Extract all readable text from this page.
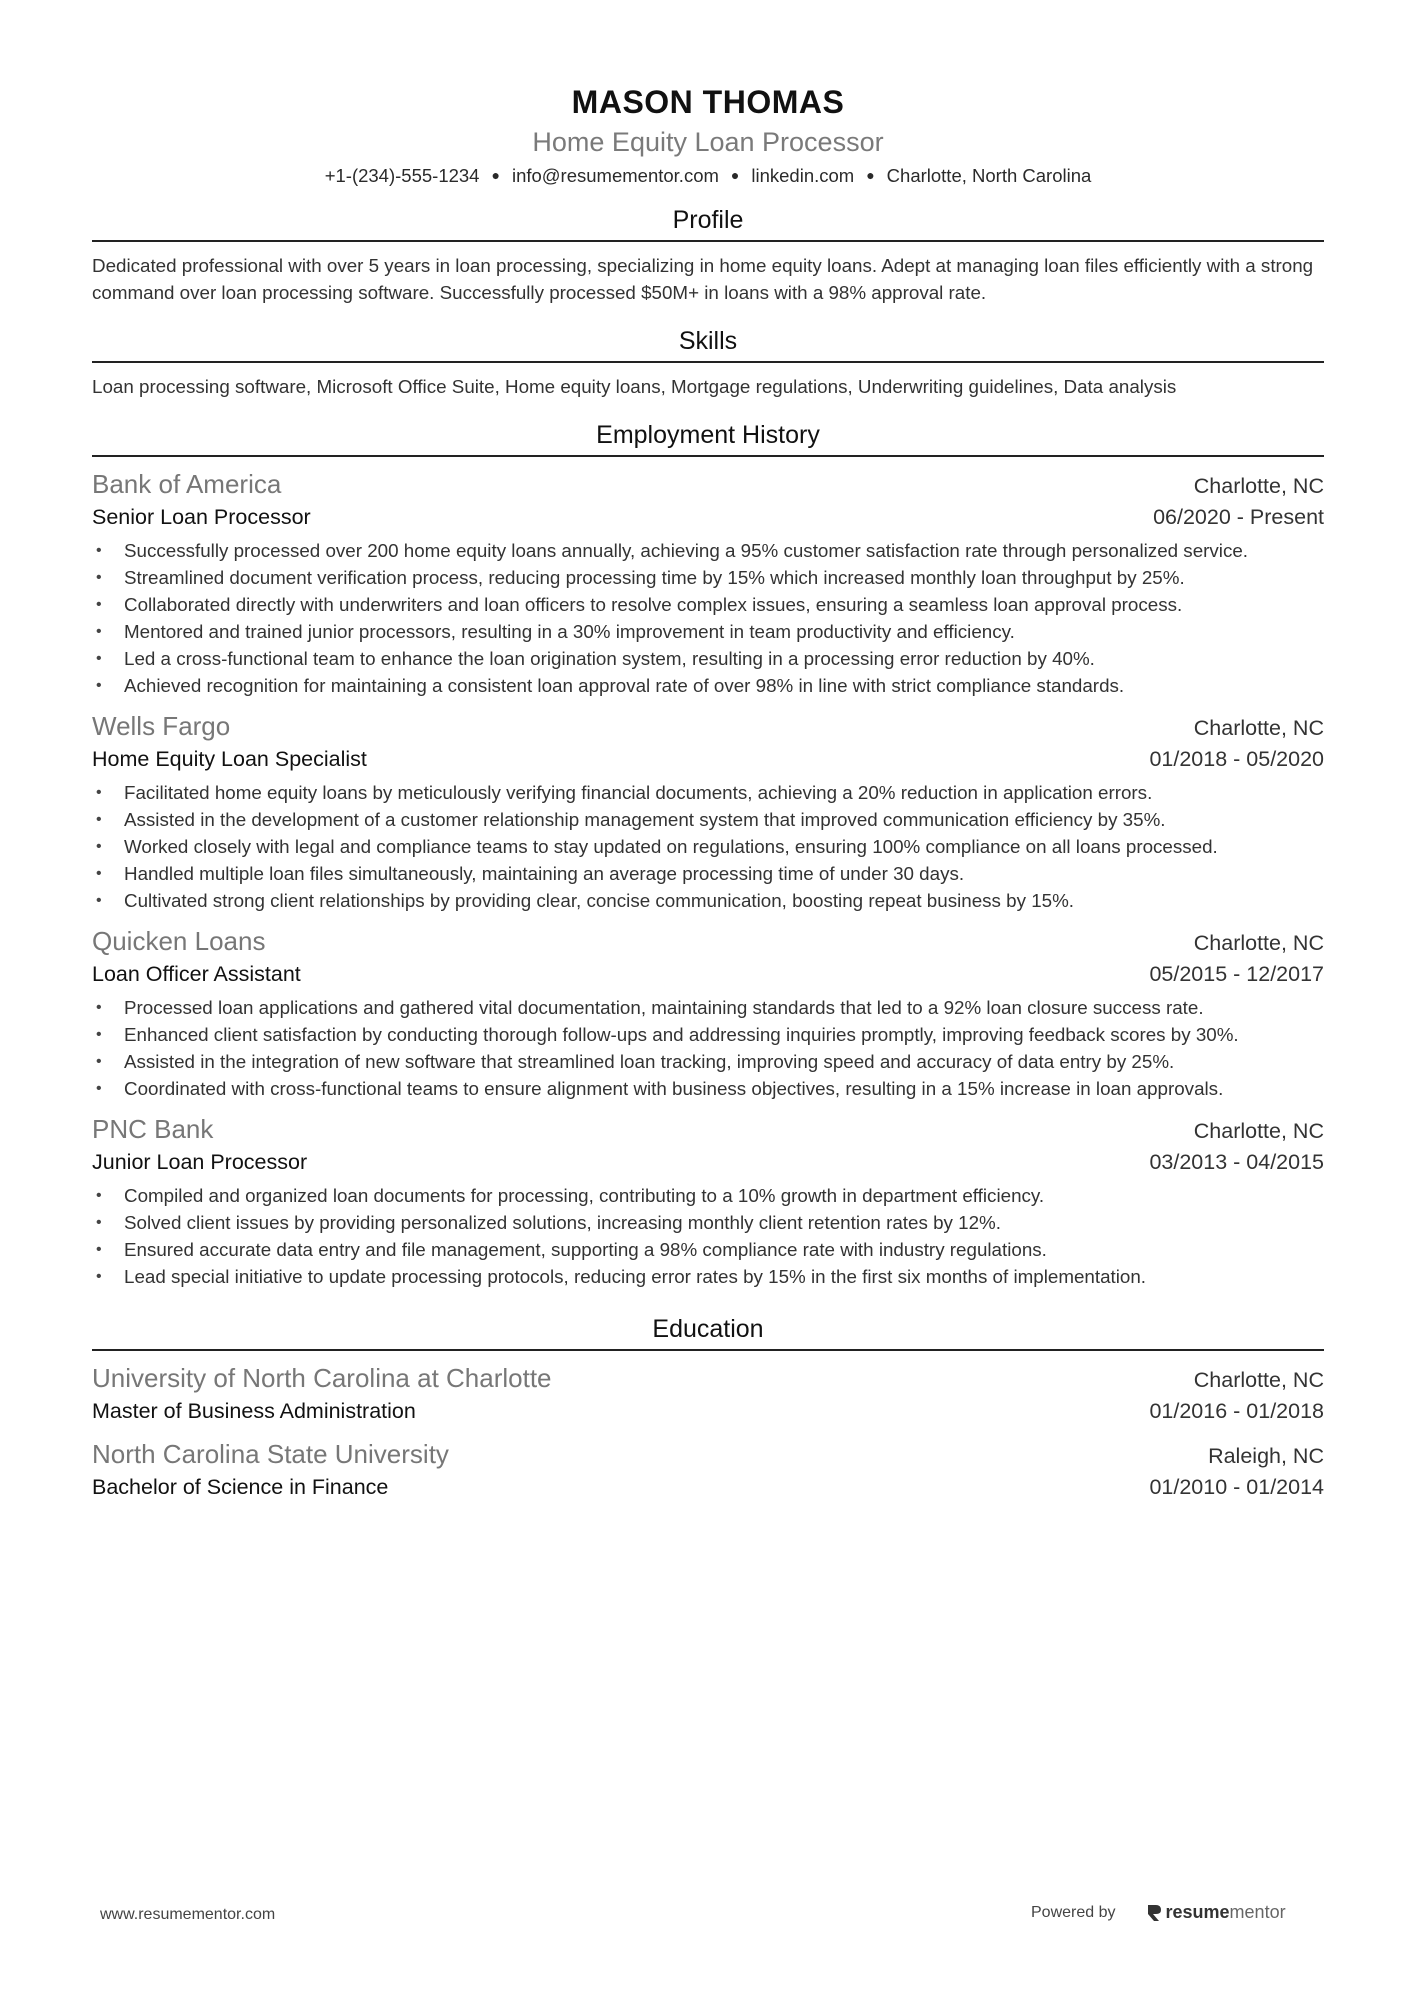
MASON THOMAS
Home Equity Loan Processor
+1-(234)-555-1234 ● info@resumementor.com ● linkedin.com ● Charlotte, North Carolina
Profile
Dedicated professional with over 5 years in loan processing, specializing in home equity loans. Adept at managing loan files efficiently with a strong command over loan processing software. Successfully processed $50M+ in loans with a 98% approval rate.
Skills
Loan processing software, Microsoft Office Suite, Home equity loans, Mortgage regulations, Underwriting guidelines, Data analysis
Employment History
Bank of America	Charlotte, NC
Senior Loan Processor	06/2020 - Present
• Successfully processed over 200 home equity loans annually, achieving a 95% customer satisfaction rate through personalized service.
• Streamlined document verification process, reducing processing time by 15% which increased monthly loan throughput by 25%.
• Collaborated directly with underwriters and loan officers to resolve complex issues, ensuring a seamless loan approval process.
• Mentored and trained junior processors, resulting in a 30% improvement in team productivity and efficiency.
• Led a cross-functional team to enhance the loan origination system, resulting in a processing error reduction by 40%.
• Achieved recognition for maintaining a consistent loan approval rate of over 98% in line with strict compliance standards.
Wells Fargo	Charlotte, NC
Home Equity Loan Specialist	01/2018 - 05/2020
• Facilitated home equity loans by meticulously verifying financial documents, achieving a 20% reduction in application errors.
• Assisted in the development of a customer relationship management system that improved communication efficiency by 35%.
• Worked closely with legal and compliance teams to stay updated on regulations, ensuring 100% compliance on all loans processed.
• Handled multiple loan files simultaneously, maintaining an average processing time of under 30 days.
• Cultivated strong client relationships by providing clear, concise communication, boosting repeat business by 15%.
Quicken Loans	Charlotte, NC
Loan Officer Assistant	05/2015 - 12/2017
• Processed loan applications and gathered vital documentation, maintaining standards that led to a 92% loan closure success rate.
• Enhanced client satisfaction by conducting thorough follow-ups and addressing inquiries promptly, improving feedback scores by 30%.
• Assisted in the integration of new software that streamlined loan tracking, improving speed and accuracy of data entry by 25%.
• Coordinated with cross-functional teams to ensure alignment with business objectives, resulting in a 15% increase in loan approvals.
PNC Bank	Charlotte, NC
Junior Loan Processor	03/2013 - 04/2015
• Compiled and organized loan documents for processing, contributing to a 10% growth in department efficiency.
• Solved client issues by providing personalized solutions, increasing monthly client retention rates by 12%.
• Ensured accurate data entry and file management, supporting a 98% compliance rate with industry regulations.
• Lead special initiative to update processing protocols, reducing error rates by 15% in the first six months of implementation.
Education
University of North Carolina at Charlotte	Charlotte, NC
Master of Business Administration	01/2016 - 01/2018
North Carolina State University	Raleigh, NC
Bachelor of Science in Finance	01/2010 - 01/2014
www.resumementor.com	Powered by	resume mentor
